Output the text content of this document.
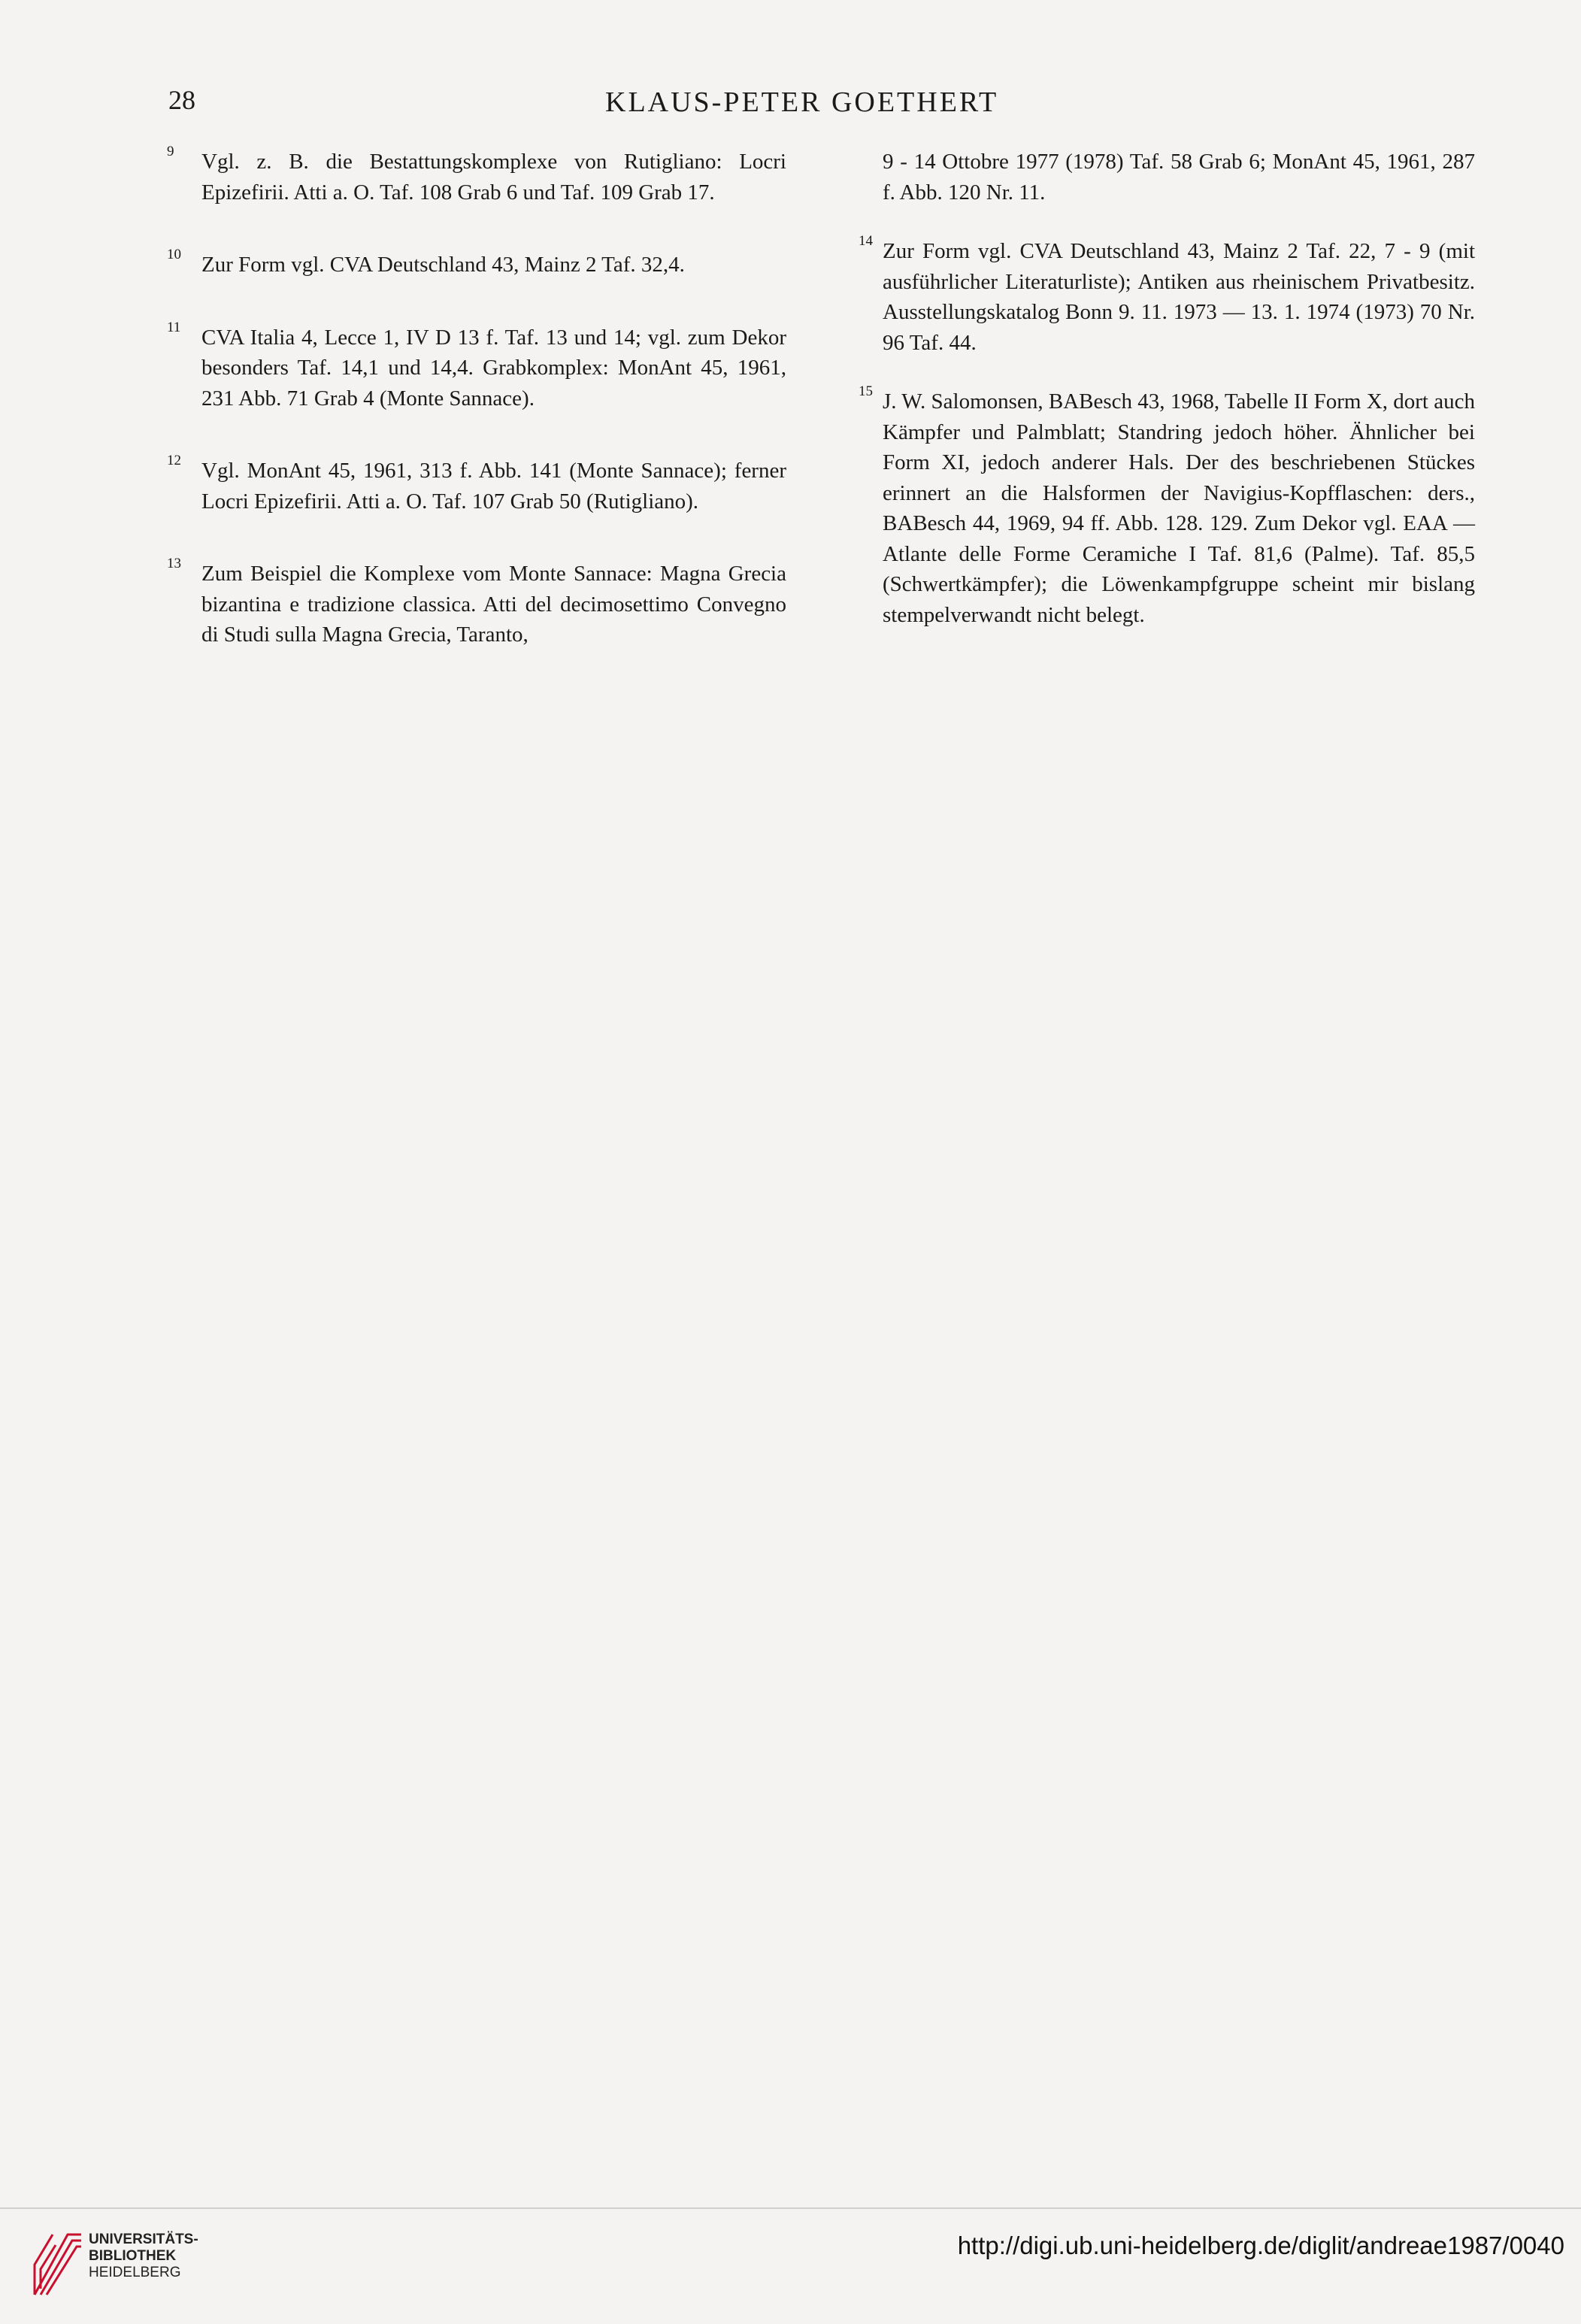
28	KLAUS-PETER GOETHERT
9 Vgl. z. B. die Bestattungskomplexe von Rutigliano: Locri Epizefirii. Atti a. O. Taf. 108 Grab 6 und Taf. 109 Grab 17.
10 Zur Form vgl. CVA Deutschland 43, Mainz 2 Taf. 32,4.
11 CVA Italia 4, Lecce 1, IV D 13 f. Taf. 13 und 14; vgl. zum Dekor besonders Taf. 14,1 und 14,4. Grabkomplex: MonAnt 45, 1961, 231 Abb. 71 Grab 4 (Monte Sannace).
12 Vgl. MonAnt 45, 1961, 313 f. Abb. 141 (Monte Sannace); ferner Locri Epizefirii. Atti a. O. Taf. 107 Grab 50 (Rutigliano).
13 Zum Beispiel die Komplexe vom Monte Sannace: Magna Grecia bizantina e tradizione classica. Atti del decimosettimo Convegno di Studi sulla Magna Grecia, Taranto,
9 - 14 Ottobre 1977 (1978) Taf. 58 Grab 6; MonAnt 45, 1961, 287 f. Abb. 120 Nr. 11.
14 Zur Form vgl. CVA Deutschland 43, Mainz 2 Taf. 22, 7 - 9 (mit ausführlicher Literaturliste); Antiken aus rheinischem Privatbesitz. Ausstellungskatalog Bonn 9. 11. 1973 — 13. 1. 1974 (1973) 70 Nr. 96 Taf. 44.
15 J. W. Salomonsen, BABesch 43, 1968, Tabelle II Form X, dort auch Kämpfer und Palmblatt; Standring jedoch höher. Ähnlicher bei Form XI, jedoch anderer Hals. Der des beschriebenen Stückes erinnert an die Halsformen der Navigius-Kopfflaschen: ders., BABesch 44, 1969, 94 ff. Abb. 128. 129. Zum Dekor vgl. EAA — Atlante delle Forme Ceramiche I Taf. 81,6 (Palme). Taf. 85,5 (Schwertkämpfer); die Löwenkampfgruppe scheint mir bislang stempelverwandt nicht belegt.
UNIVERSITÄTS-
BIBLIOTHEK
HEIDELBERG
http://digi.ub.uni-heidelberg.de/diglit/andreae1987/0040
